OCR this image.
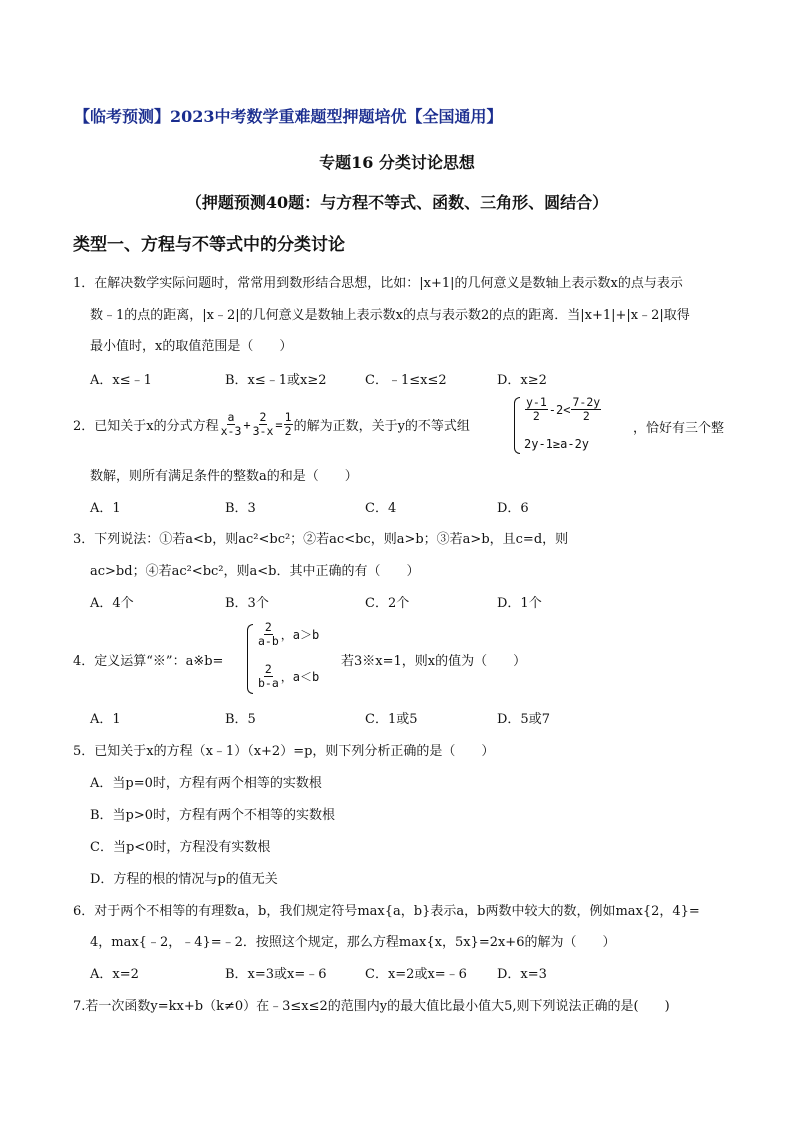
【临考预测】2023中考数学重难题型押题培优【全国通用】
专题16 分类讨论思想
（押题预测40题：与方程不等式、函数、三角形、圆结合）
类型一、方程与不等式中的分类讨论
1．在解决数学实际问题时，常常用到数形结合思想，比如：|x+1|的几何意义是数轴上表示数x的点与表示
数﹣1的点的距离，|x﹣2|的几何意义是数轴上表示数x的点与表示数2的点的距离．当|x+1|+|x﹣2|取得
最小值时，x的取值范围是（　　）
A．x≤﹣1	B．x≤﹣1或x≥2	C．﹣1≤x≤2	D．x≥2
2．已知关于x的分式方程 $\frac{a}{x-3} + \frac{2}{3-x} = \frac{1}{2}$ 的解为正数，关于y的不等式组
$\frac{y-1}{2} -2< \frac{7-2y}{2}$
2y-1≥a-2y
，恰好有三个整
数解，则所有满足条件的整数a的和是（　　）
A．1	B．3	C．4	D．6
3．下列说法：①若a<b，则ac²<bc²；②若ac<bc，则a>b；③若a>b，且c=d，则
ac>bd；④若ac²<bc²，则a<b．其中正确的有（　　）
A．4个	B．3个	C．2个	D．1个
4．定义运算“※”：a※b=
$\frac{2}{a-b}$ ，a＞b
$\frac{2}{b-a}$ ，a＜b
若3※x=1，则x的值为（　　）
A．1	B．5	C．1或5	D．5或7
5．已知关于x的方程（x﹣1）（x+2）=p，则下列分析正确的是（　　）
A．当p=0时，方程有两个相等的实数根
B．当p>0时，方程有两个不相等的实数根
C．当p<0时，方程没有实数根
D．方程的根的情况与p的值无关
6．对于两个不相等的有理数a，b，我们规定符号max{a，b}表示a，b两数中较大的数，例如max{2，4}=
4，max{﹣2，﹣4}=﹣2．按照这个规定，那么方程max{x，5x}=2x+6的解为（　　）
A．x=2	B．x=3或x=﹣6	C．x=2或x=﹣6 D．x=3
7.若一次函数y=kx+b（k≠0）在﹣3≤x≤2的范围内y的最大值比最小值大5,则下列说法正确的是(　　)
